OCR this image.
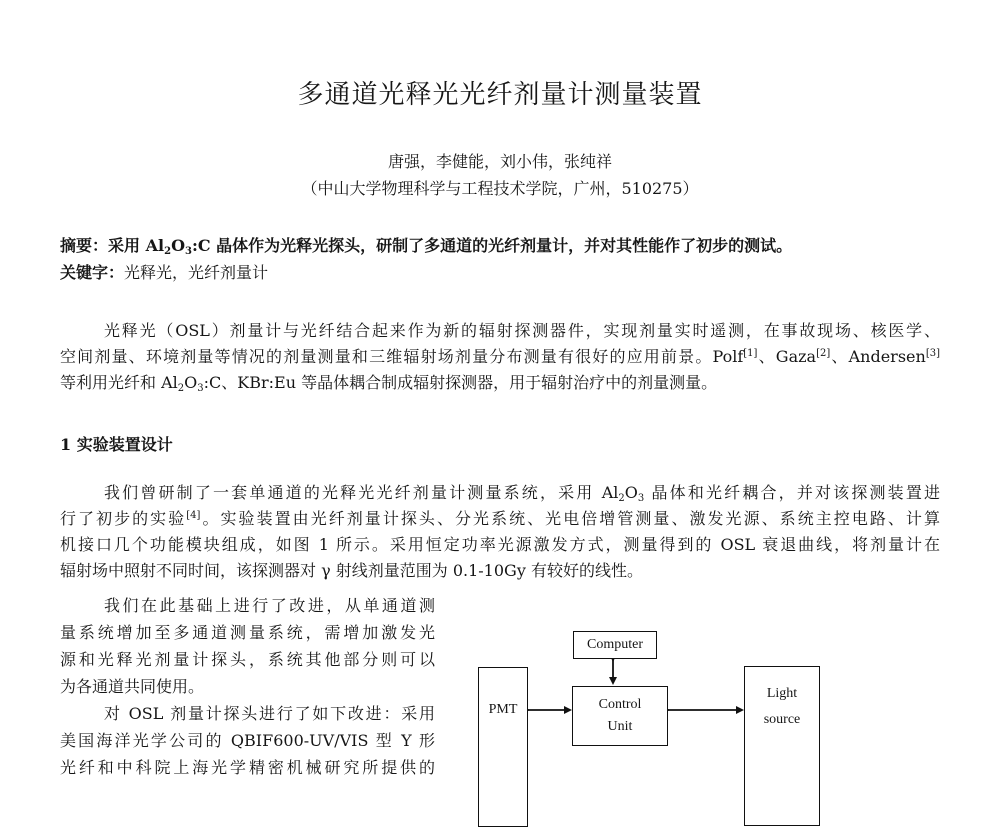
多通道光释光光纤剂量计测量装置
唐强，李健能，刘小伟，张纯祥
（中山大学物理科学与工程技术学院，广州，510275）
摘要：采用 $Al_2O_3:C$ 晶体作为光释光探头，研制了多通道的光纤剂量计，并对其性能作了初步的测试。
关键字：光释光，光纤剂量计
光释光（OSL）剂量计与光纤结合起来作为新的辐射探测器件，实现剂量实时遥测，在事故现场、核医学、
空间剂量、环境剂量等情况的剂量测量和三维辐射场剂量分布测量有很好的应用前景。Polf[1]、Gaza[2]、Andersen[3]
等利用光纤和 $Al_2O_3:C$、KBr:Eu 等晶体耦合制成辐射探测器，用于辐射治疗中的剂量测量。
1 实验装置设计
我们曾研制了一套单通道的光释光光纤剂量计测量系统，采用 $Al_2O_3$ 晶体和光纤耦合，并对该探测装置进
行了初步的实验[4]。实验装置由光纤剂量计探头、分光系统、光电倍增管测量、激发光源、系统主控电路、计算
机接口几个功能模块组成，如图 1 所示。采用恒定功率光源激发方式，测量得到的 OSL 衰退曲线，将剂量计在
辐射场中照射不同时间，该探测器对 γ 射线剂量范围为 0.1-10Gy 有较好的线性。
我们在此基础上进行了改进，从单通道测
量系统增加至多通道测量系统，需增加激发光
源和光释光剂量计探头，系统其他部分则可以
为各通道共同使用。
对 OSL 剂量计探头进行了如下改进：采用
美国海洋光学公司的 QBIF600-UV/VIS 型 Y 形
光纤和中科院上海光学精密机械研究所提供的
Computer
PMT	Control
Unit
Light
source
